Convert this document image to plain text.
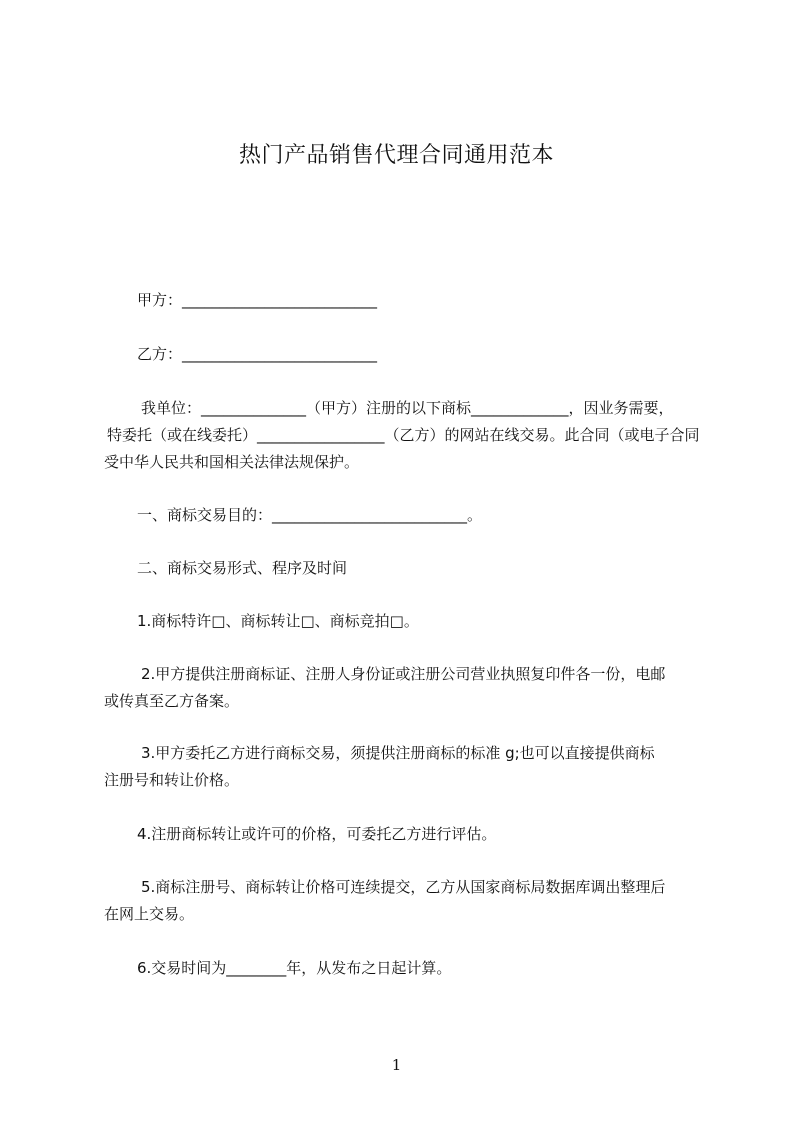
热门产品销售代理合同通用范本
甲方：__________________________
乙方：__________________________
我单位：______________（甲方）注册的以下商标_____________，因业务需要，
特委托（或在线委托）_________________（乙方）的网站在线交易。此合同（或电子合同
受中华人民共和国相关法律法规保护。
一、商标交易目的：__________________________。
二、商标交易形式、程序及时间
1.商标特许□、商标转让□、商标竞拍□。
2.甲方提供注册商标证、注册人身份证或注册公司营业执照复印件各一份，电邮
或传真至乙方备案。
3.甲方委托乙方进行商标交易，须提供注册商标的标准 g;也可以直接提供商标
注册号和转让价格。
4.注册商标转让或许可的价格，可委托乙方进行评估。
5.商标注册号、商标转让价格可连续提交，乙方从国家商标局数据库调出整理后
在网上交易。
6.交易时间为________年，从发布之日起计算。
1
